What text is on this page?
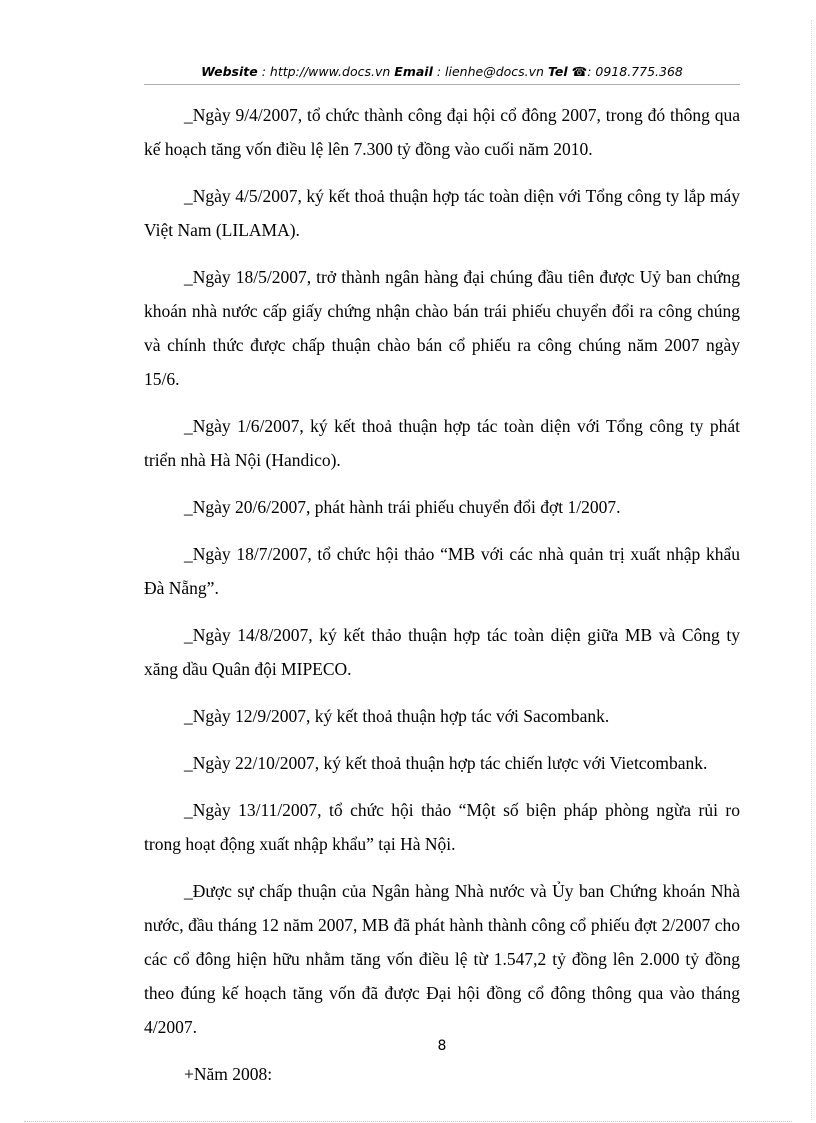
Website : http://www.docs.vn Email : lienhe@docs.vn Tel ☎: 0918.775.368

_Ngày 9/4/2007, tổ chức thành công đại hội cổ đông 2007, trong đó thông qua kế hoạch tăng vốn điều lệ lên 7.300 tỷ đồng vào cuối năm 2010.

_Ngày 4/5/2007, ký kết thoả thuận hợp tác toàn diện với Tổng công ty lắp máy Việt Nam (LILAMA).

_Ngày 18/5/2007, trở thành ngân hàng đại chúng đầu tiên được Uỷ ban chứng khoán nhà nước cấp giấy chứng nhận chào bán trái phiếu chuyển đổi ra công chúng và chính thức được chấp thuận chào bán cổ phiếu ra công chúng năm 2007 ngày 15/6.

_Ngày 1/6/2007, ký kết thoả thuận hợp tác toàn diện với Tổng công ty phát triển nhà Hà Nội (Handico).

_Ngày 20/6/2007, phát hành trái phiếu chuyển đổi đợt 1/2007.

_Ngày 18/7/2007, tổ chức hội thảo “MB với các nhà quản trị xuất nhập khẩu Đà Nẵng”.

_Ngày 14/8/2007, ký kết thảo thuận hợp tác toàn diện giữa MB và Công ty xăng dầu Quân đội MIPECO.

_Ngày 12/9/2007, ký kết thoả thuận hợp tác với Sacombank.

_Ngày 22/10/2007, ký kết thoả thuận hợp tác chiến lược với Vietcombank.

_Ngày 13/11/2007, tổ chức hội thảo “Một số biện pháp phòng ngừa rủi ro trong hoạt động xuất nhập khẩu” tại Hà Nội.

_Được sự chấp thuận của Ngân hàng Nhà nước và Ủy ban Chứng khoán Nhà nước, đầu tháng 12 năm 2007, MB đã phát hành thành công cổ phiếu đợt 2/2007 cho các cổ đông hiện hữu nhằm tăng vốn điều lệ từ 1.547,2 tỷ đồng lên 2.000 tỷ đồng theo đúng kế hoạch tăng vốn đã được Đại hội đồng cổ đông thông qua vào tháng 4/2007.

+Năm 2008:

8
